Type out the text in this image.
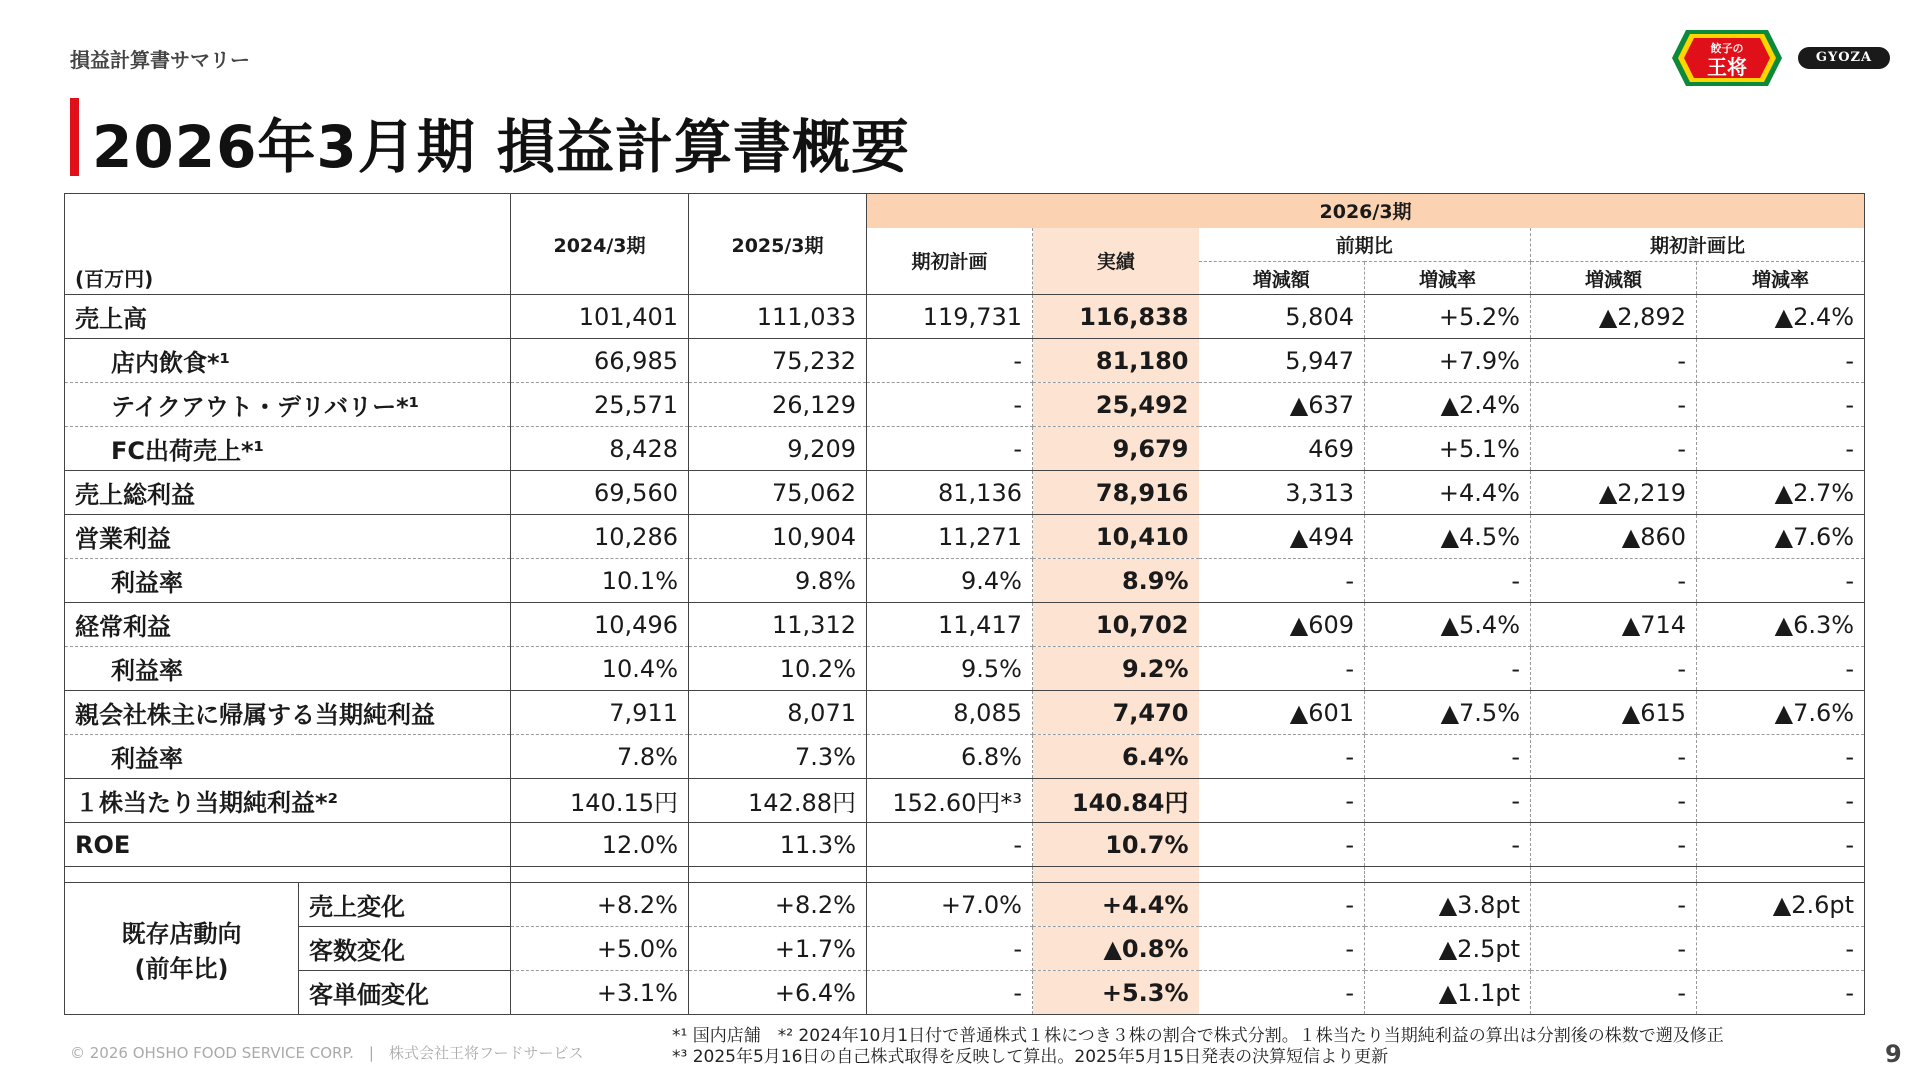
損益計算書サマリー
2026年3月期 損益計算書概要
餃子の
王将	GYOZA OHSHO
(百万円)		2024/3期	2025/3期	2026/3期					
				期初計画	実績	前期比		期初計画比	
						増減額	増減率	増減額	増減率
売上高		101,401	111,033	119,731	116,838	5,804	+5.2%	▲2,892	▲2.4%
店内飲食*¹		66,985	75,232	-	81,180	5,947	+7.9%	-	-
テイクアウト・デリバリー*¹		25,571	26,129	-	25,492	▲637	▲2.4%	-	-
FC出荷売上*¹		8,428	9,209	-	9,679	469	+5.1%	-	-
売上総利益		69,560	75,062	81,136	78,916	3,313	+4.4%	▲2,219	▲2.7%
営業利益		10,286	10,904	11,271	10,410	▲494	▲4.5%	▲860	▲7.6%
利益率		10.1%	9.8%	9.4%	8.9%	-	-	-	-
経常利益		10,496	11,312	11,417	10,702	▲609	▲5.4%	▲714	▲6.3%
利益率		10.4%	10.2%	9.5%	9.2%	-	-	-	-
親会社株主に帰属する当期純利益		7,911	8,071	8,085	7,470	▲601	▲7.5%	▲615	▲7.6%
利益率		7.8%	7.3%	6.8%	6.4%	-	-	-	-
１株当たり当期純利益*²		140.15円	142.88円	152.60円*³	140.84円	-	-	-	-
ROE		12.0%	11.3%	-	10.7%	-	-	-	-

既存店動向
(前年比)	売上変化	+8.2%	+8.2%	+7.0%	+4.4%	-	▲3.8pt	-	▲2.6pt
	客数変化	+5.0%	+1.7%	-	▲0.8%	-	▲2.5pt	-	-
	客単価変化	+3.1%	+6.4%	-	+5.3%	-	▲1.1pt	-	-
© 2026 OHSHO FOOD SERVICE CORP.　|　株式会社王将フードサービス
*¹ 国内店舗　*² 2024年10月1日付で普通株式１株につき３株の割合で株式分割。１株当たり当期純利益の算出は分割後の株数で遡及修正
*³ 2025年5月16日の自己株式取得を反映して算出。2025年5月15日発表の決算短信より更新	9
